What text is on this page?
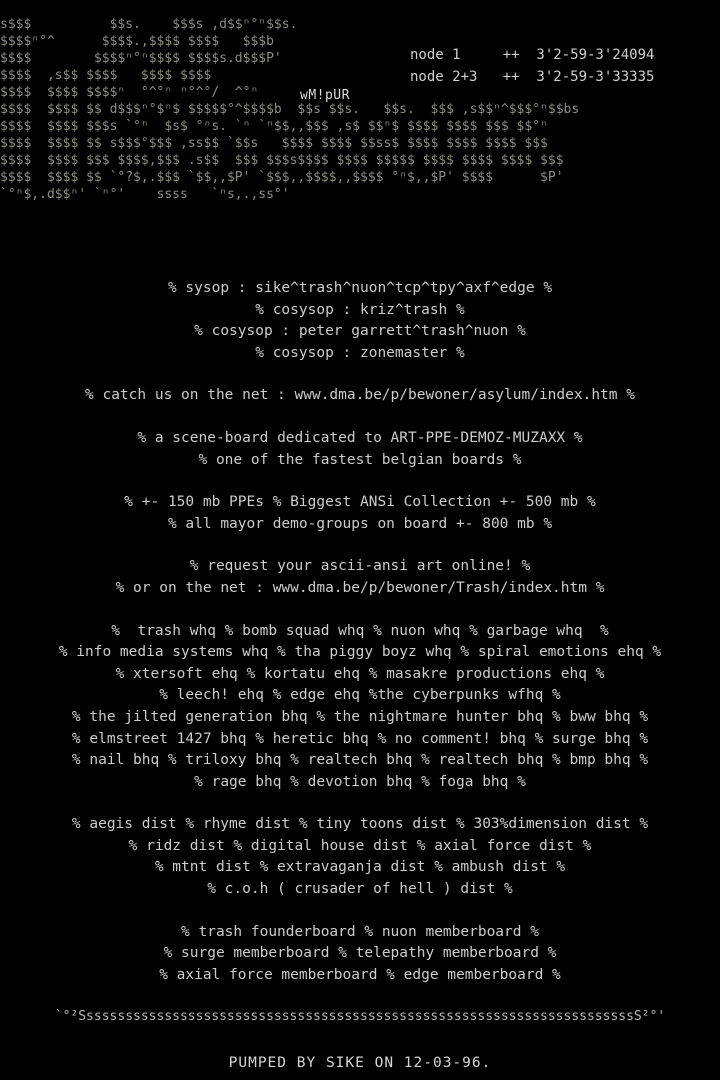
s$$$          $$s.    $$$s ,d$$ⁿ°ⁿ$$s.
$$$$ⁿ°^      $$$$.,$$$$ $$$$   $$$b
$$$$        $$$$ⁿ°ⁿ$$$$ $$$$s.d$$$P'
$$$$  ,s$$ $$$$   $$$$ $$$$
$$$$  $$$$ $$$$ⁿ  °^°ⁿ ⁿ°^°/  ^°ⁿ
$$$$  $$$$ $$ d$$$ⁿ°$ⁿ$ $$$$$°^$$$$b  $$s $$s.   $$s.  $$$ ,s$$ⁿ^$$$°ⁿ$$bs
$$$$  $$$$ $$$s `°ⁿ  $s$ °ⁿs. `ⁿ `ⁿ$$,,$$$ ,s$ $$ⁿ$ $$$$ $$$$ $$$ $$°ⁿ
$$$$  $$$$ $$ s$$$°$$$ ,ss$$ `$$s   $$$$ $$$$ $$ss$ $$$$ $$$$ $$$$ $$$
$$$$  $$$$ $$$ $$$$,$$$ .s$$  $$$ $$$s$$$$ $$$$ $$$$$ $$$$ $$$$ $$$$ $$$
$$$$  $$$$ $$ `°?$,.$$$ `$$,,$P' `$$$,,$$$$,,$$$$ °ⁿ$,,$P' $$$$      $P'
`°ⁿ$,.d$$ⁿ' `ⁿ°'    ssss   `ⁿs,.,ss°'
node 1     ++  3'2-59-3'24094
node 2+3   ++  3'2-59-3'33335
wM!pUR
% sysop : sike^trash^nuon^tcp^tpy^axf^edge %
% cosysop : kriz^trash %
% cosysop : peter garrett^trash^nuon %
% cosysop : zonemaster %
% catch us on the net : www.dma.be/p/bewoner/asylum/index.htm %
% a scene-board dedicated to ART-PPE-DEMOZ-MUZAXX %
% one of the fastest belgian boards %
% +- 150 mb PPEs % Biggest ANSi Collection +- 500 mb %
% all mayor demo-groups on board +- 800 mb %
% request your ascii-ansi art online! %
% or on the net : www.dma.be/p/bewoner/Trash/index.htm %
%  trash whq % bomb squad whq % nuon whq % garbage whq  %
% info media systems whq % tha piggy boyz whq % spiral emotions ehq %
% xtersoft ehq % kortatu ehq % masakre productions ehq %
% leech! ehq % edge ehq %the cyberpunks wfhq %
% the jilted generation bhq % the nightmare hunter bhq % bww bhq %
% elmstreet 1427 bhq % heretic bhq % no comment! bhq % surge bhq %
% nail bhq % triloxy bhq % realtech bhq % realtech bhq % bmp bhq %
% rage bhq % devotion bhq % foga bhq %
% aegis dist % rhyme dist % tiny toons dist % 303%dimension dist %
% ridz dist % digital house dist % axial force dist %
% mtnt dist % extravaganja dist % ambush dist %
% c.o.h ( crusader of hell ) dist %
% trash founderboard % nuon memberboard %
% surge memberboard % telepathy memberboard %
% axial force memberboard % edge memberboard %
`°²SssssssssssssssssssssssssssssssssssssssssssssssssssssssssssssssssssssssS²°'
PUMPED BY SIKE ON 12-03-96.
